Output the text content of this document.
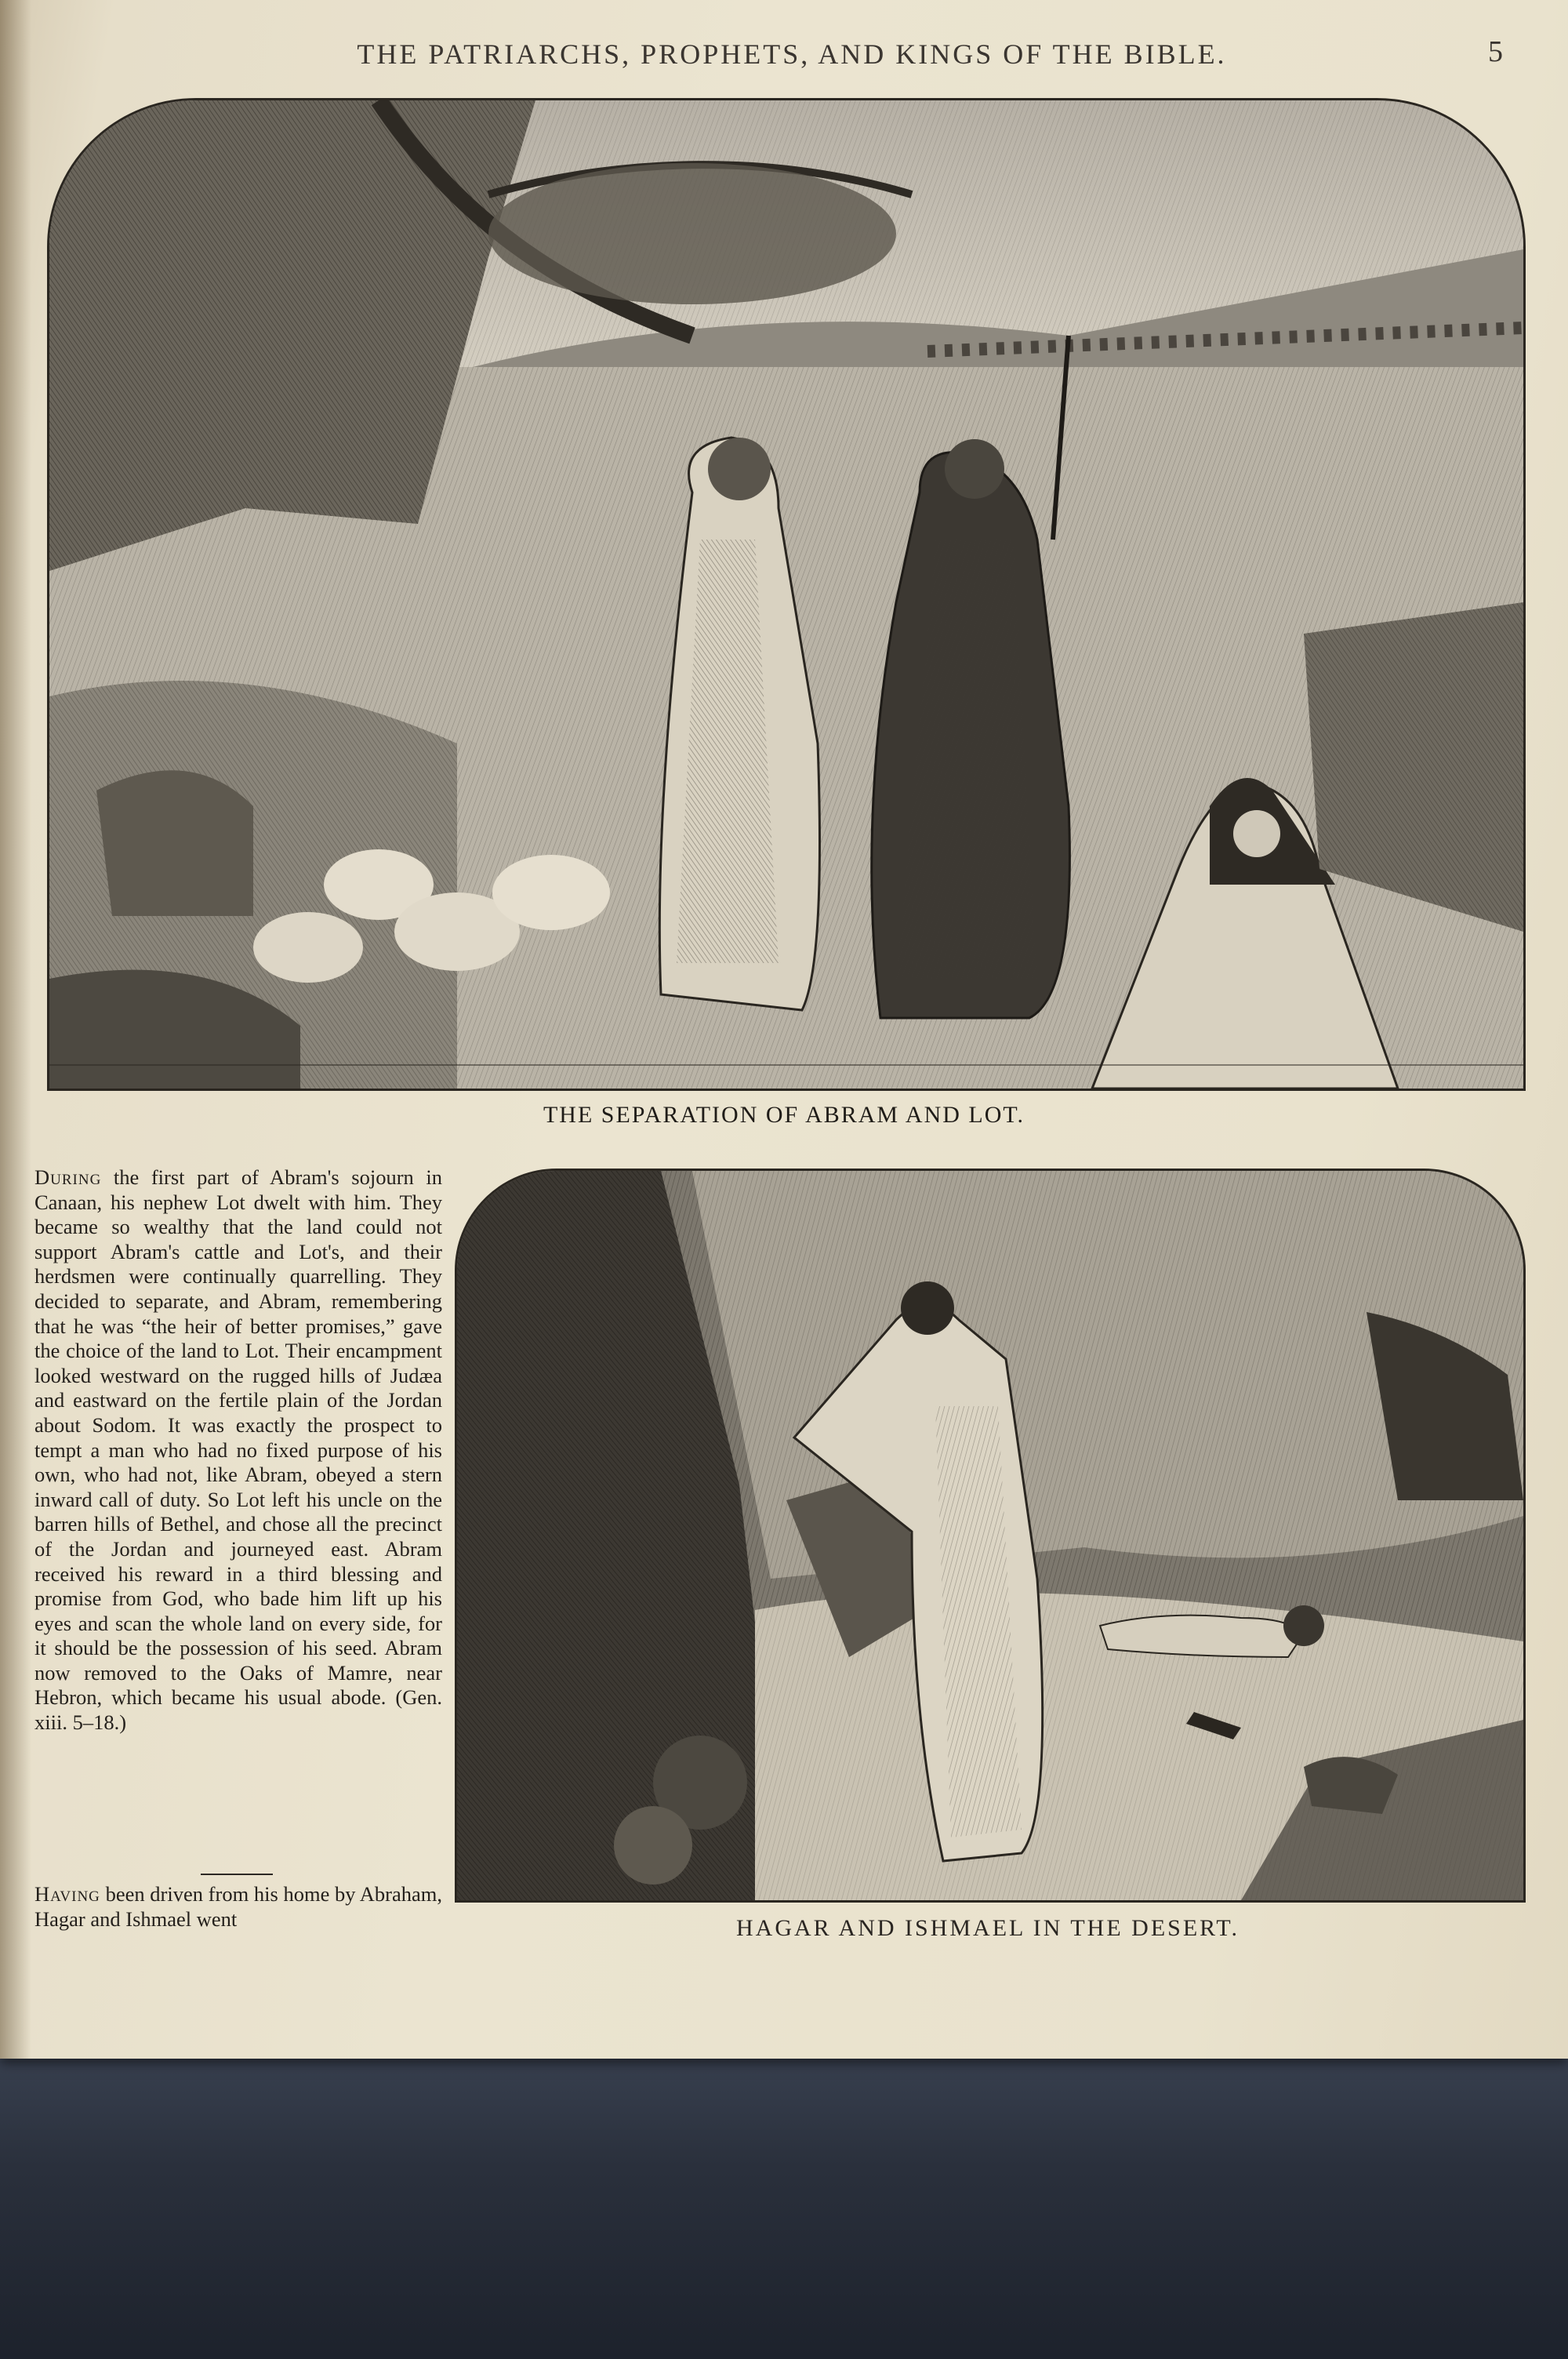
THE PATRIARCHS, PROPHETS, AND KINGS OF THE BIBLE.	5
THE SEPARATION OF ABRAM AND LOT.

During the first part of Abram's sojourn in Canaan, his nephew Lot dwelt with him. They became so wealthy that the land could not support Abram's cattle and Lot's, and their herdsmen were continually quarrelling. They decided to separate, and Abram, remembering that he was “the heir of better promises,” gave the choice of the land to Lot. Their encampment looked westward on the rugged hills of Judæa and eastward on the fertile plain of the Jordan about Sodom. It was exactly the prospect to tempt a man who had no fixed purpose of his own, who had not, like Abram, obeyed a stern inward call of duty. So Lot left his uncle on the barren hills of Bethel, and chose all the precinct of the Jordan and journeyed east. Abram received his reward in a third blessing and promise from God, who bade him lift up his eyes and scan the whole land on every side, for it should be the possession of his seed. Abram now removed to the Oaks of Mamre, near Hebron, which became his usual abode. (Gen. xiii. 5–18.)

Having been driven from his home by Abraham, Hagar and Ishmael went	HAGAR AND ISHMAEL IN THE DESERT.
